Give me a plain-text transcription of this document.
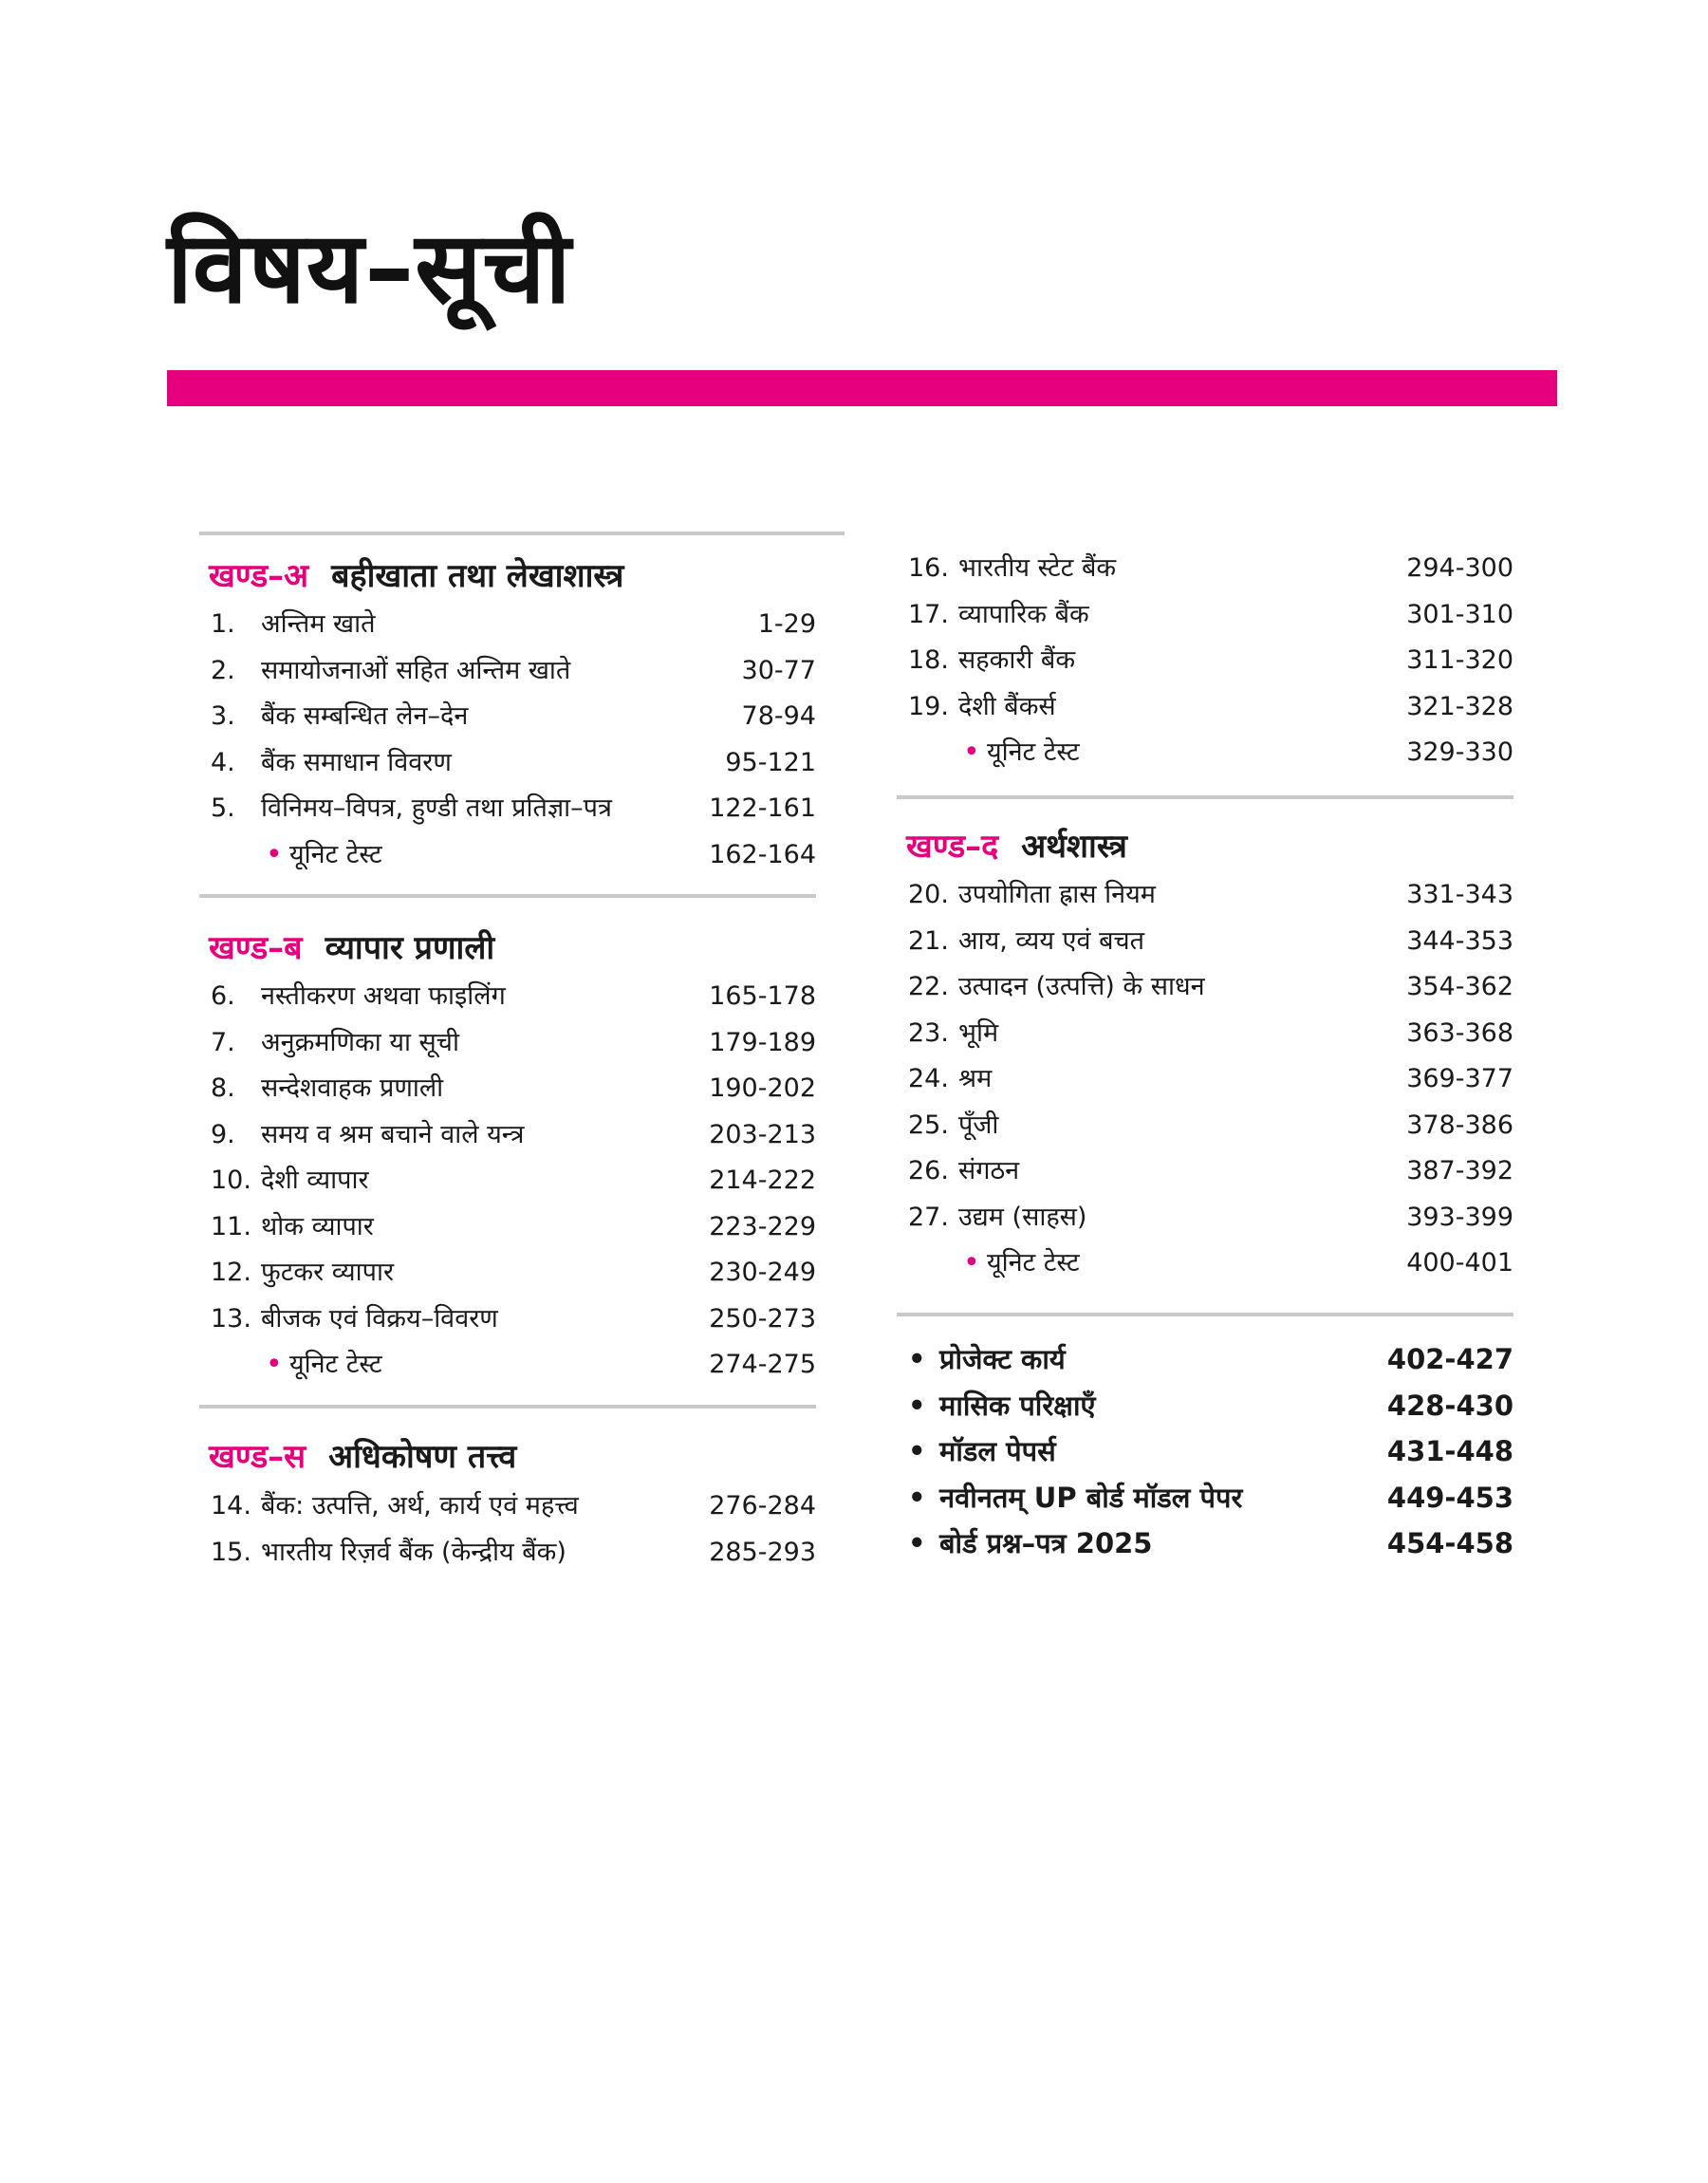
विषय–सूची
खण्ड–अ बहीखाता तथा लेखाशास्त्र
1. अन्तिम खाते	1-29
2. समायोजनाओं सहित अन्तिम खाते	30-77
3. बैंक सम्बन्धित लेन–देन	78-94
4. बैंक समाधान विवरण	95-121
5. विनिमय–विपत्र, हुण्डी तथा प्रतिज्ञा–पत्र	122-161
• यूनिट टेस्ट	162-164
खण्ड–ब व्यापार प्रणाली
6. नस्तीकरण अथवा फाइलिंग	165-178
7. अनुक्रमणिका या सूची	179-189
8. सन्देशवाहक प्रणाली	190-202
9. समय व श्रम बचाने वाले यन्त्र	203-213
10. देशी व्यापार	214-222
11. थोक व्यापार	223-229
12. फुटकर व्यापार	230-249
13. बीजक एवं विक्रय–विवरण	250-273
• यूनिट टेस्ट	274-275
खण्ड–स अधिकोषण तत्त्व
14. बैंक: उत्पत्ति, अर्थ, कार्य एवं महत्त्व	276-284
15. भारतीय रिज़र्व बैंक (केन्द्रीय बैंक)	285-293
16. भारतीय स्टेट बैंक	294-300
17. व्यापारिक बैंक	301-310
18. सहकारी बैंक	311-320
19. देशी बैंकर्स	321-328
• यूनिट टेस्ट	329-330
खण्ड–द अर्थशास्त्र
20. उपयोगिता ह्रास नियम	331-343
21. आय, व्यय एवं बचत	344-353
22. उत्पादन (उत्पत्ति) के साधन	354-362
23. भूमि	363-368
24. श्रम	369-377
25. पूँजी	378-386
26. संगठन	387-392
27. उद्यम (साहस)	393-399
• यूनिट टेस्ट	400-401
• प्रोजेक्ट कार्य	402-427
• मासिक परिक्षाएँ	428-430
• मॉडल पेपर्स	431-448
• नवीनतम् UP बोर्ड मॉडल पेपर	449-453
• बोर्ड प्रश्न–पत्र 2025	454-458
